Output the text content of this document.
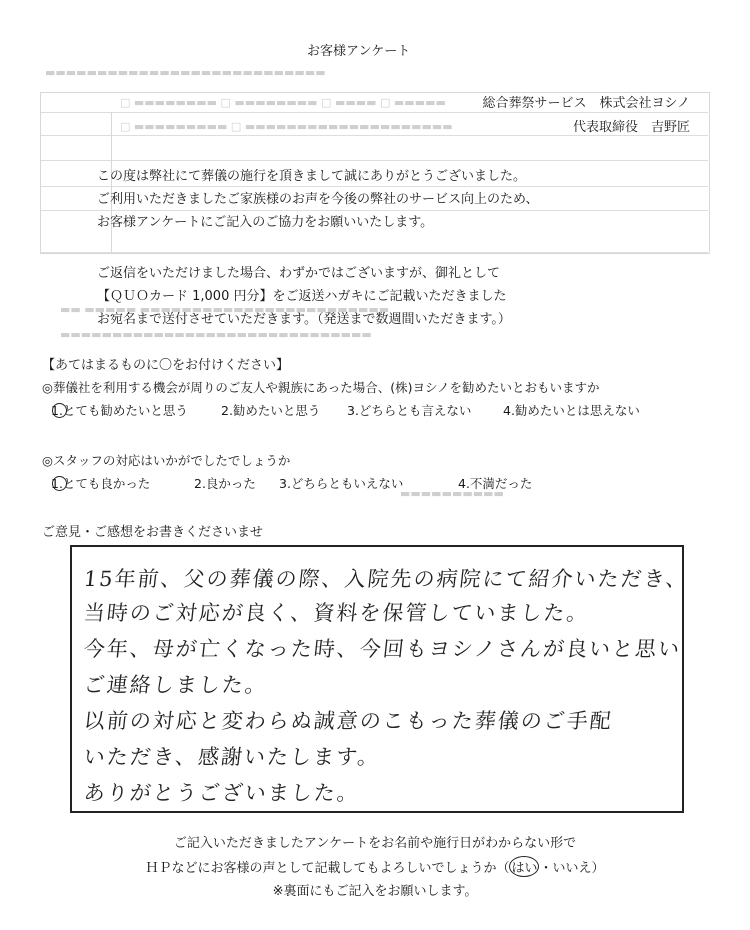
▬▬▬▬▬▬▬▬▬▬▬▬▬▬▬▬▬▬▬▬▬▬▬▬▬▬▬
□ ▬▬▬▬▬▬▬▬ □ ▬▬▬▬▬▬▬▬ □ ▬▬▬▬ □ ▬▬▬▬▬
□ ▬▬▬▬▬▬▬▬▬ □ ▬▬▬▬▬▬▬▬▬▬▬▬▬▬▬▬▬▬▬▬
▬▬ ▬▬▬▬▬ ▬▬▬▬▬▬▬▬▬▬▬▬▬▬▬▬▬▬▬▬▬▬▬▬
▬▬▬▬▬▬▬▬▬▬▬▬▬▬▬▬▬▬▬▬▬▬▬▬▬▬▬▬▬▬
▬▬▬▬▬▬▬▬▬▬
お客様アンケート
総合葬祭サービス　株式会社ヨシノ
代表取締役　吉野匠
この度は弊社にて葬儀の施行を頂きまして誠にありがとうございました。
ご利用いただきましたご家族様のお声を今後の弊社のサービス向上のため、
お客様アンケートにご記入のご協力をお願いいたします。
ご返信をいただけました場合、わずかではございますが、御礼として
【ＱＵＯカード 1,000 円分】をご返送ハガキにご記載いただきました
お宛名まで送付させていただきます。（発送まで数週間いただきます。）
【あてはまるものに〇をお付けください】
◎葬儀社を利用する機会が周りのご友人や親族にあった場合、(株)ヨシノを勧めたいとおもいますか
1.とても勧めたいと思う	2.勧めたいと思う 3.どちらとも言えない	4.勧めたいとは思えない
◎スタッフの対応はいかがでしたでしょうか
1.とても良かった	2.良かった 3.どちらともいえない	4.不満だった
ご意見・ご感想をお書きくださいませ
15年前、父の葬儀の際、入院先の病院にて紹介いただき、
当時のご対応が良く、資料を保管していました。
今年、母が亡くなった時、今回もヨシノさんが良いと思い
ご連絡しました。
以前の対応と変わらぬ誠意のこもった葬儀のご手配
いただき、感謝いたします。
ありがとうございました。
ご記入いただきましたアンケートをお名前や施行日がわからない形で
ＨＰなどにお客様の声として記載してもよろしいでしょうか（ はい ・いいえ）
※裏面にもご記入をお願いします。
